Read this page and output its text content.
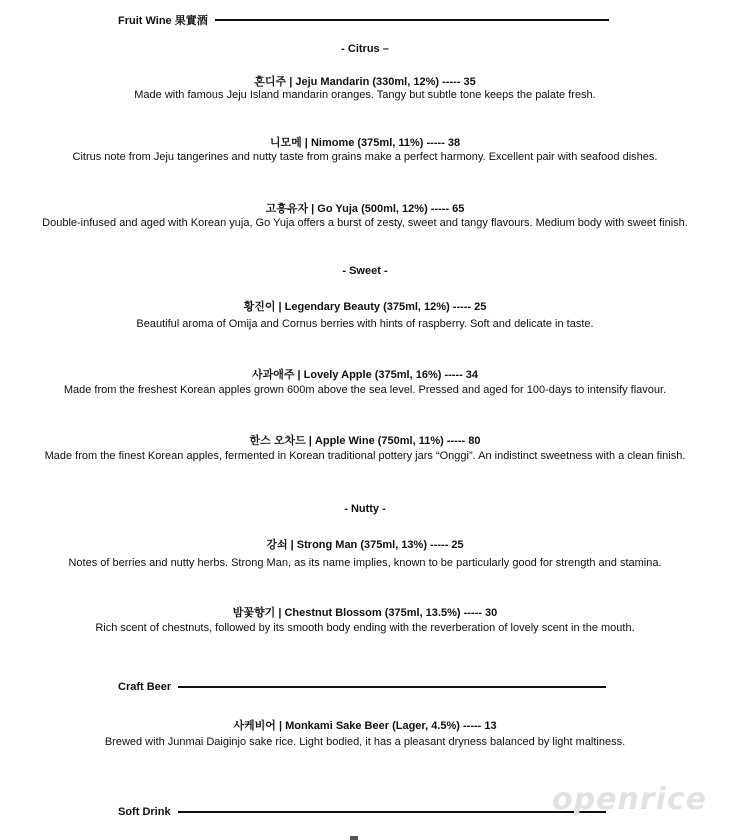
Fruit Wine 果實酒
- Citrus –
혼디주 | Jeju Mandarin (330ml, 12%) ----- 35
Made with famous Jeju Island mandarin oranges. Tangy but subtle tone keeps the palate fresh.
니모메 | Nimome (375ml, 11%) ----- 38
Citrus note from Jeju tangerines and nutty taste from grains make a perfect harmony. Excellent pair with seafood dishes.
고흥유자 | Go Yuja (500ml, 12%) ----- 65
Double-infused and aged with Korean yuja, Go Yuja offers a burst of zesty, sweet and tangy flavours. Medium body with sweet finish.
- Sweet -
황진이 | Legendary Beauty (375ml, 12%) ----- 25
Beautiful aroma of Omija and Cornus berries with hints of raspberry. Soft and delicate in taste.
사과애주 | Lovely Apple (375ml, 16%) ----- 34
Made from the freshest Korean apples grown 600m above the sea level. Pressed and aged for 100-days to intensify flavour.
한스 오차드 | Apple Wine (750ml, 11%) ----- 80
Made from the finest Korean apples, fermented in Korean traditional pottery jars “Onggi”. An indistinct sweetness with a clean finish.
- Nutty -
강쇠 | Strong Man (375ml, 13%) ----- 25
Notes of berries and nutty herbs. Strong Man, as its name implies, known to be particularly good for strength and stamina.
밤꽃향기 | Chestnut Blossom (375ml, 13.5%) ----- 30
Rich scent of chestnuts, followed by its smooth body ending with the reverberation of lovely scent in the mouth.
Craft Beer
사케비어 | Monkami Sake Beer (Lager, 4.5%) ----- 13
Brewed with Junmai Daiginjo sake rice. Light bodied, it has a pleasant dryness balanced by light maltiness.
Soft Drink	openrice
